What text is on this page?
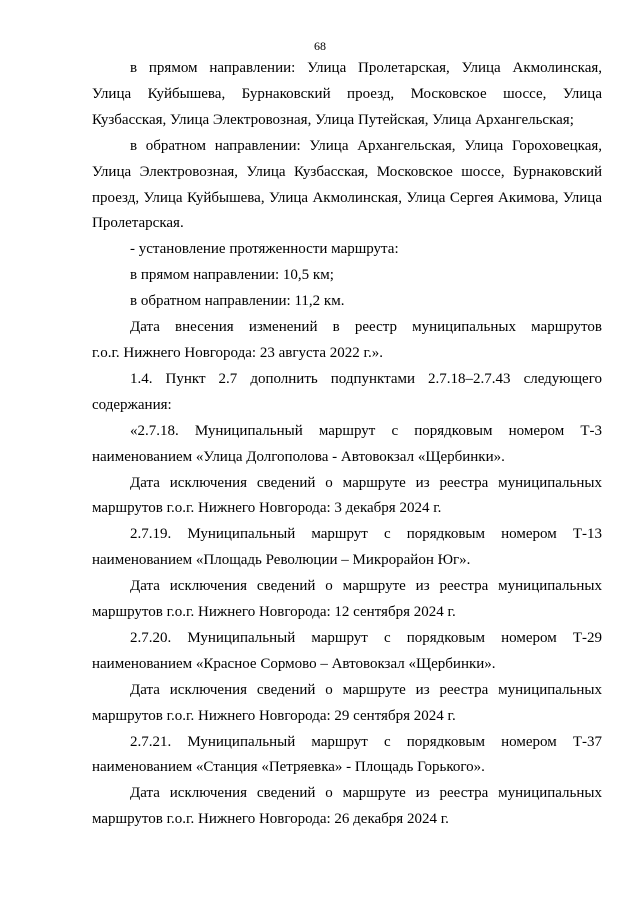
68
в прямом направлении: Улица Пролетарская, Улица Акмолинская,
Улица Куйбышева, Бурнаковский проезд, Московское шоссе, Улица Кузбасская, Улица Электровозная, Улица Путейская, Улица Архангельская;
в обратном направлении: Улица Архангельская, Улица Гороховецкая,
Улица Электровозная, Улица Кузбасская, Московское шоссе, Бурнаковский проезд, Улица Куйбышева, Улица Акмолинская, Улица Сергея Акимова, Улица Пролетарская.
- установление протяженности маршрута:
в прямом направлении: 10,5 км;
в обратном направлении: 11,2 км.
Дата внесения изменений в реестр муниципальных маршрутов
г.о.г. Нижнего Новгорода: 23 августа 2022 г.».
1.4. Пункт 2.7 дополнить подпунктами 2.7.18–2.7.43 следующего
содержания:
«2.7.18. Муниципальный маршрут с порядковым номером Т-3
наименованием «Улица Долгополова - Автовокзал «Щербинки».
Дата исключения сведений о маршруте из реестра муниципальных
маршрутов г.о.г. Нижнего Новгорода: 3 декабря 2024 г.
2.7.19. Муниципальный маршрут с порядковым номером Т-13
наименованием «Площадь Революции – Микрорайон Юг».
Дата исключения сведений о маршруте из реестра муниципальных
маршрутов г.о.г. Нижнего Новгорода: 12 сентября 2024 г.
2.7.20. Муниципальный маршрут с порядковым номером Т-29
наименованием «Красное Сормово – Автовокзал «Щербинки».
Дата исключения сведений о маршруте из реестра муниципальных
маршрутов г.о.г. Нижнего Новгорода: 29 сентября 2024 г.
2.7.21. Муниципальный маршрут с порядковым номером Т-37
наименованием «Станция «Петряевка» - Площадь Горького».
Дата исключения сведений о маршруте из реестра муниципальных
маршрутов г.о.г. Нижнего Новгорода: 26 декабря 2024 г.
